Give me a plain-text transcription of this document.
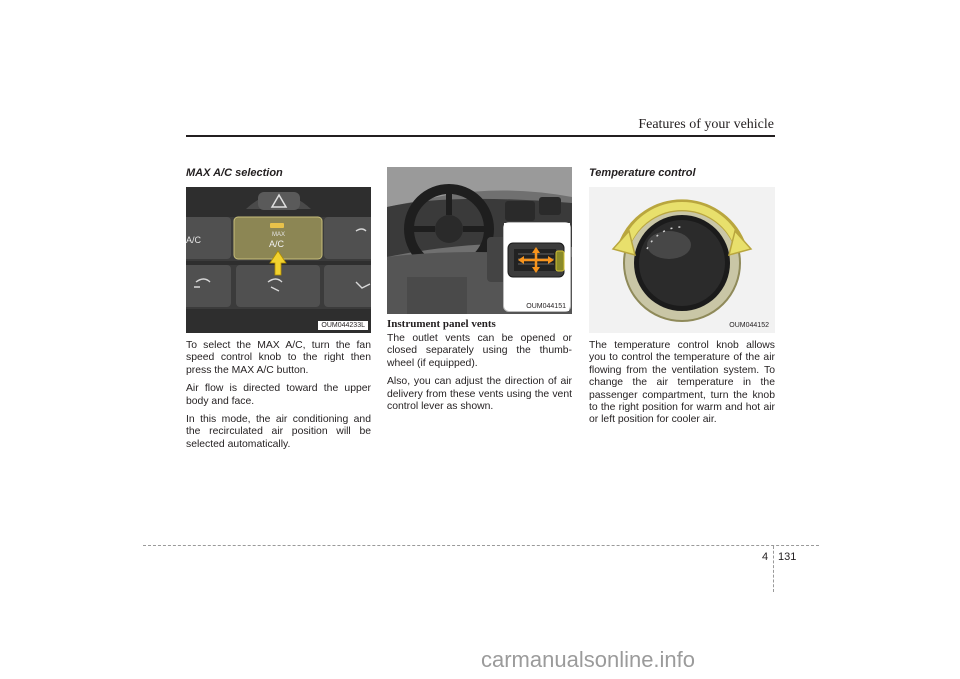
Features of your vehicle
MAX A/C selection
MAX
A/C
A/C
OUM044233L

To select the MAX A/C, turn the fan speed control knob to the right then press the MAX A/C button.

Air flow is directed toward the upper body and face.

In this mode, the air conditioning and the recirculated air position will be selected automatically.

OUM044151
Instrument panel vents

The outlet vents can be opened or closed separately using the thumb-wheel (if equipped).

Also, you can adjust the direction of air delivery from these vents using the vent control lever as shown.

Temperature control
OUM044152

The temperature control knob allows you to control the temperature of the air flowing from the ventilation system. To change the air temperature in the passenger compartment, turn the knob to the right position for warm and hot air or left position for cooler air.

4 131
carmanualsonline.info
